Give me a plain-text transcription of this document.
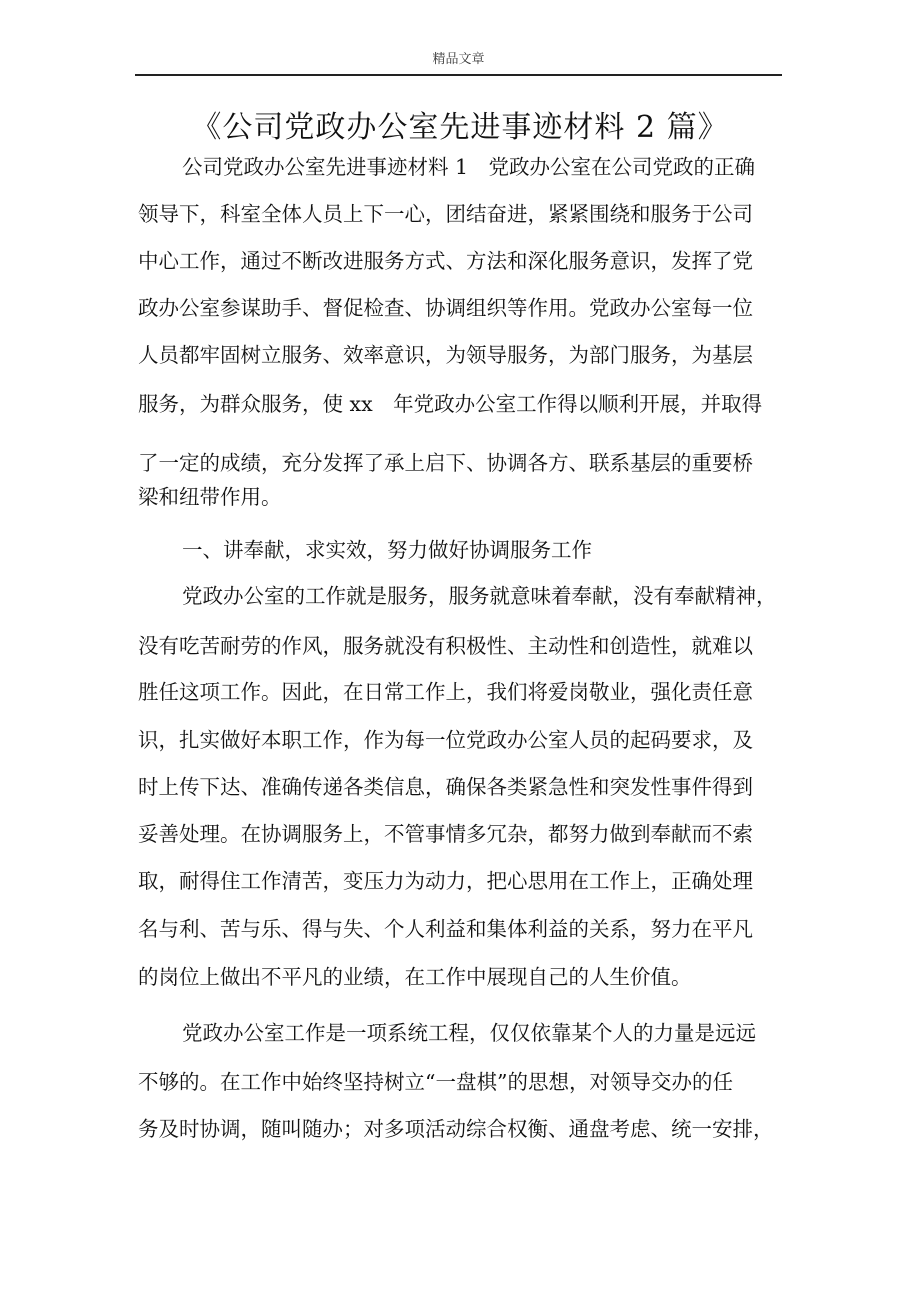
精品文章
《公司党政办公室先进事迹材料 2 篇》
公司党政办公室先进事迹材料 1　党政办公室在公司党政的正确
领导下，科室全体人员上下一心，团结奋进，紧紧围绕和服务于公司
中心工作，通过不断改进服务方式、方法和深化服务意识，发挥了党
政办公室参谋助手、督促检查、协调组织等作用。党政办公室每一位
人员都牢固树立服务、效率意识，为领导服务，为部门服务，为基层
服务，为群众服务，使 xx　年党政办公室工作得以顺利开展，并取得
了一定的成绩，充分发挥了承上启下、协调各方、联系基层的重要桥
梁和纽带作用。
一、讲奉献，求实效，努力做好协调服务工作
党政办公室的工作就是服务，服务就意味着奉献，没有奉献精神，
没有吃苦耐劳的作风，服务就没有积极性、主动性和创造性，就难以
胜任这项工作。因此，在日常工作上，我们将爱岗敬业，强化责任意
识，扎实做好本职工作，作为每一位党政办公室人员的起码要求，及
时上传下达、准确传递各类信息，确保各类紧急性和突发性事件得到
妥善处理。在协调服务上，不管事情多冗杂，都努力做到奉献而不索
取，耐得住工作清苦，变压力为动力，把心思用在工作上，正确处理
名与利、苦与乐、得与失、个人利益和集体利益的关系，努力在平凡
的岗位上做出不平凡的业绩，在工作中展现自己的人生价值。
党政办公室工作是一项系统工程，仅仅依靠某个人的力量是远远
不够的。在工作中始终坚持树立“一盘棋”的思想，对领导交办的任
务及时协调，随叫随办；对多项活动综合权衡、通盘考虑、统一安排，
